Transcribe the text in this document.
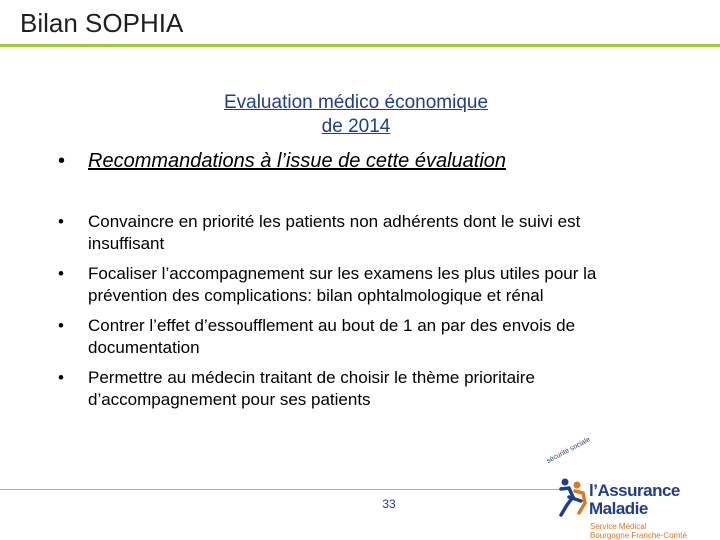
Bilan SOPHIA
Evaluation médico économique
de 2014
• Recommandations à l’issue de cette évaluation
• Convaincre en priorité les patients non adhérents dont le suivi est insuffisant
• Focaliser l’accompagnement sur les examens les plus utiles pour la prévention des complications: bilan ophtalmologique et rénal
• Contrer l’effet d’essoufflement au bout de 1 an par des envois de documentation
• Permettre au médecin traitant de choisir le thème prioritaire d’accompagnement pour ses patients
33
sécurité sociale
l’Assurance
Maladie
Service Médical
Bourgogne Franche-Comté
